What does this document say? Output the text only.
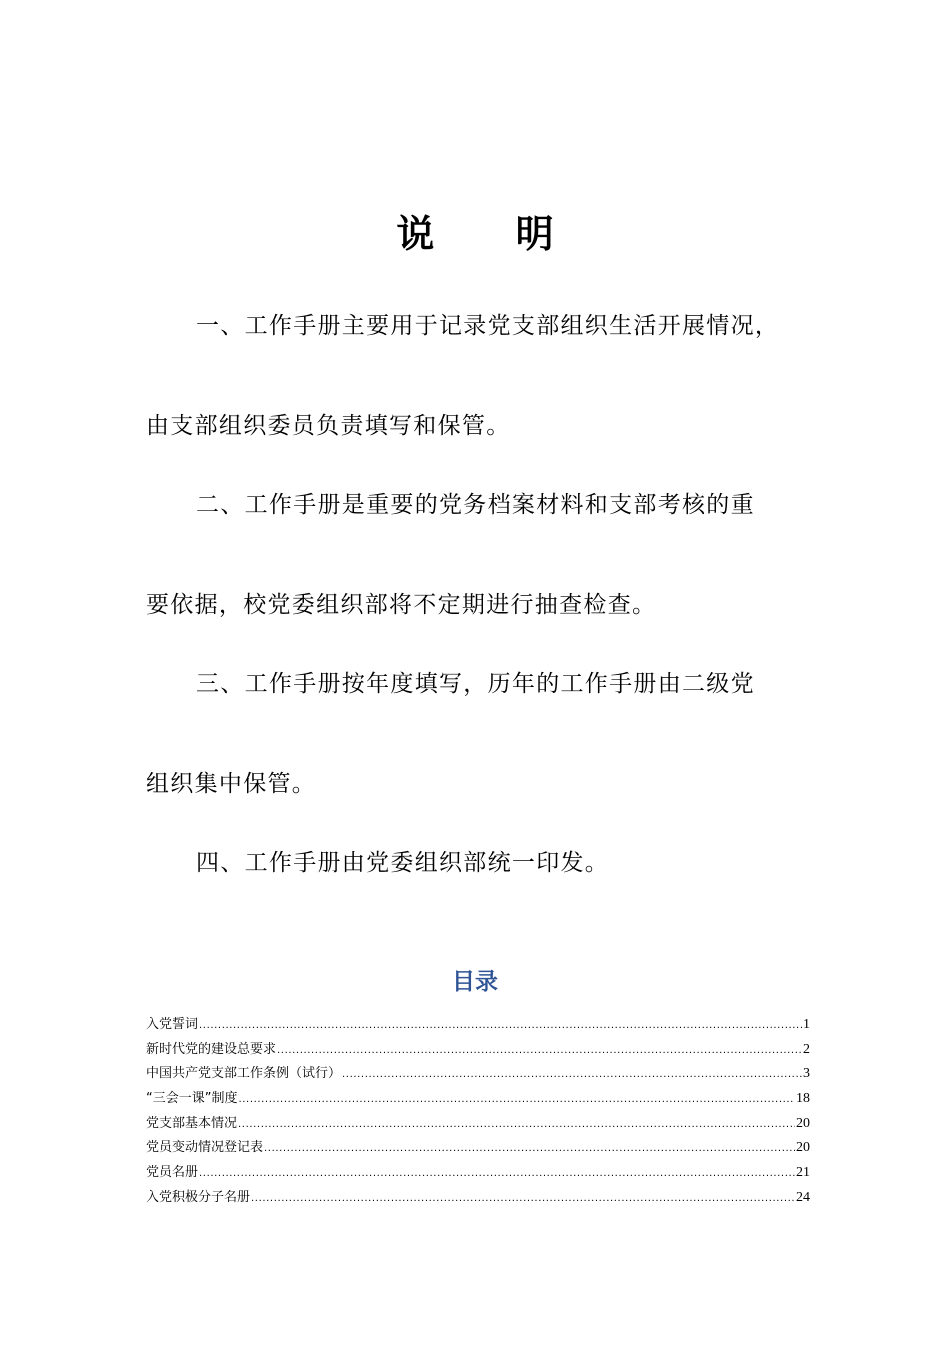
说 明
一、工作手册主要用于记录党支部组织生活开展情况，
由支部组织委员负责填写和保管。
二、工作手册是重要的党务档案材料和支部考核的重
要依据，校党委组织部将不定期进行抽查检查。
三、工作手册按年度填写，历年的工作手册由二级党
组织集中保管。
四、工作手册由党委组织部统一印发。
目录
入党誓词 .....	1
新时代党的建设总要求 .....	2
中国共产党支部工作条例（试行） .....	3
“三会一课”制度 .....	18
党支部基本情况 .....	20
党员变动情况登记表 .....	20
党员名册 .....	21
入党积极分子名册 .....	24
